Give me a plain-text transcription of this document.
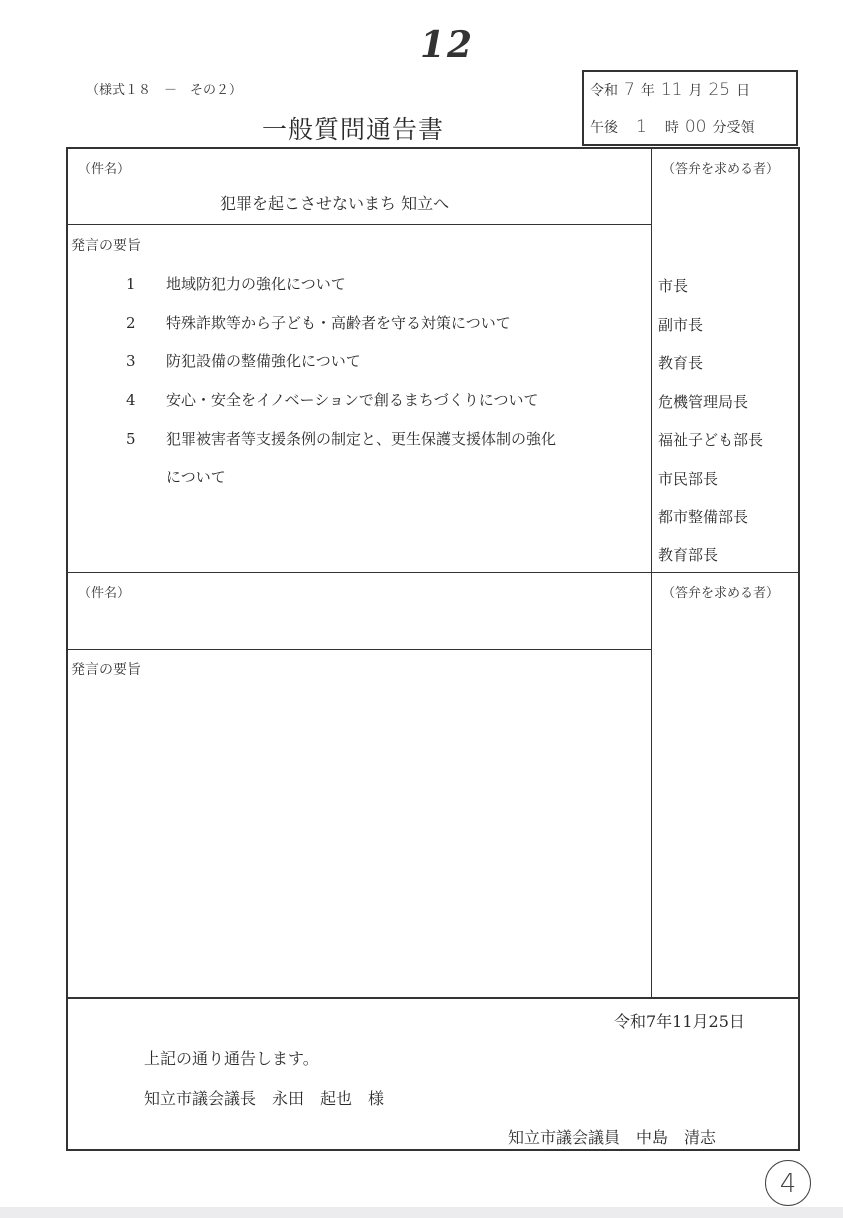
12
（様式１８　－　その２）
一般質問通告書
令和 7 年 11 月 25 日
午後 1 時 00 分受領
（件名）
犯罪を起こさせないまち 知立へ
（答弁を求める者）
発言の要旨
1 地域防犯力の強化について
2 特殊詐欺等から子ども・高齢者を守る対策について
3 防犯設備の整備強化について
4 安心・安全をイノベーションで創るまちづくりについて
5 犯罪被害者等支援条例の制定と、更生保護支援体制の強化
について
市長
副市長
教育長
危機管理局長
福祉子ども部長
市民部長
都市整備部長
教育部長
（件名）	（答弁を求める者）
発言の要旨
令和7年11月25日
上記の通り通告します。
知立市議会議長　永田　起也　様
知立市議会議員　中島　清志
4
